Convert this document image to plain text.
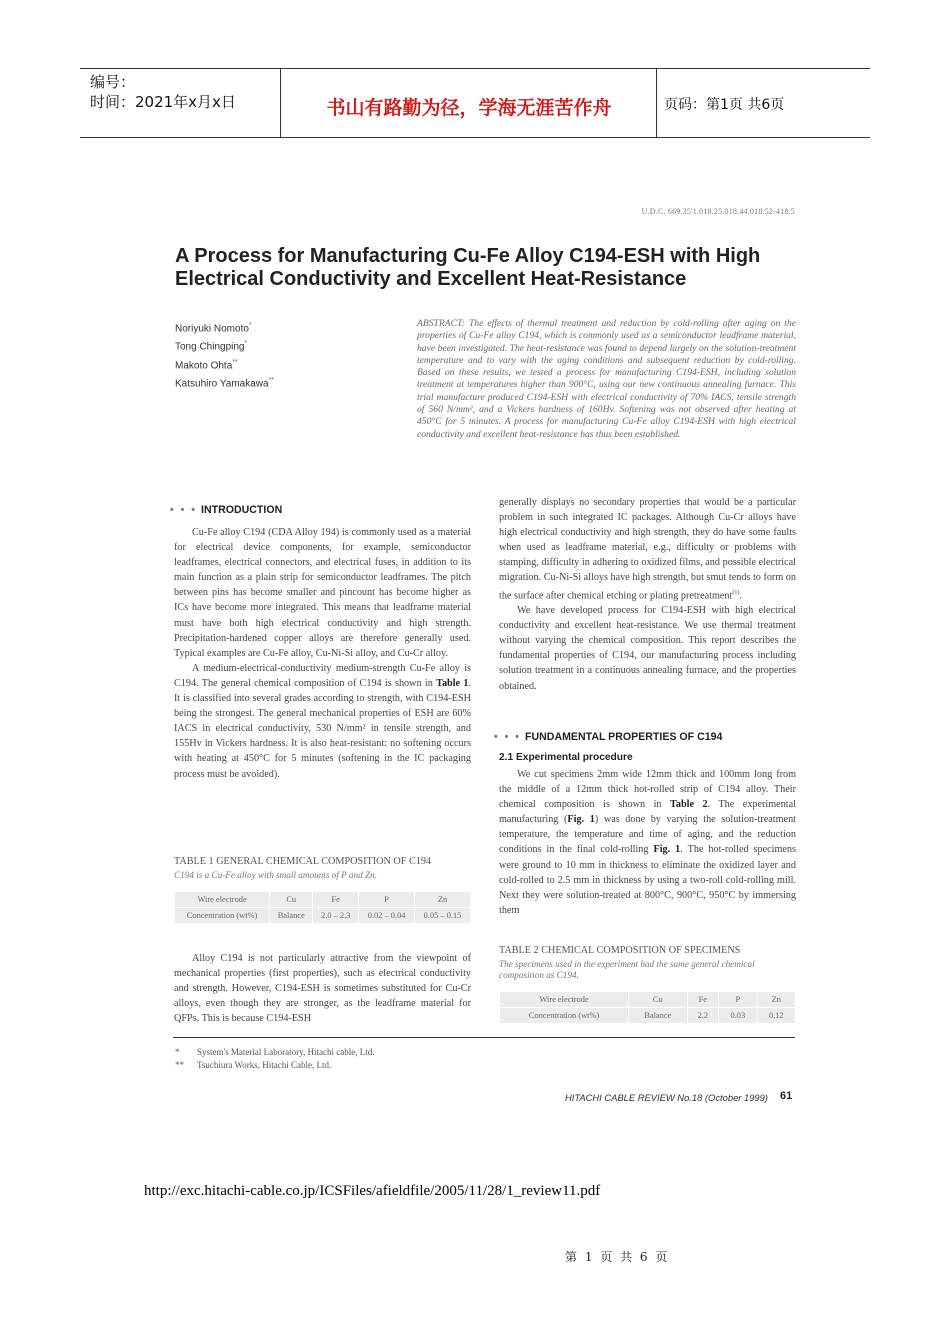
编号：
时间：2021年x月x日	书山有路勤为径，学海无涯苦作舟	页码：第1页 共6页
U.D.C. 669.35'1.018.25.018.44.018.52-418.5
A Process for Manufacturing Cu-Fe Alloy C194-ESH with High Electrical Conductivity and Excellent Heat-Resistance
Noriyuki Nomoto*
Tong Chingping*
Makoto Ohta**
Katsuhiro Yamakawa**
ABSTRACT: The effects of thermal treatment and reduction by cold-rolling after aging on the properties of Cu-Fe alloy C194, which is commonly used as a semiconductor leadframe material, have been investigated. The heat-resistance was found to depend largely on the solution-treatment temperature and to vary with the aging conditions and subsequent reduction by cold-rolling. Based on these results, we tested a process for manufacturing C194-ESH, including solution treatment at temperatures higher than 900°C, using our new continuous annealing furnace. This trial manufacture produced C194-ESH with electrical conductivity of 70% IACS, tensile strength of 560 N/mm², and a Vickers hardness of 160Hv. Softening was not observed after heating at 450°C for 5 minutes. A process for manufacturing Cu-Fe alloy C194-ESH with high electrical conductivity and excellent heat-resistance has thus been established.
• • • INTRODUCTION

Cu-Fe alloy C194 (CDA Alloy 194) is commonly used as a material for electrical device components, for example, semiconductor leadframes, electrical connectors, and electrical fuses, in addition to its main function as a plain strip for semiconductor leadframes. The pitch between pins has become smaller and pincount has become higher as ICs have become more integrated. This means that leadframe material must have both high electrical conductivity and high strength. Precipitation-hardened copper alloys are therefore generally used. Typical examples are Cu-Fe alloy, Cu-Ni-Si alloy, and Cu-Cr alloy.

A medium-electrical-conductivity medium-strength Cu-Fe alloy is C194. The general chemical composition of C194 is shown in Table 1. It is classified into several grades according to strength, with C194-ESH being the strongest. The general mechanical properties of ESH are 60% IACS in electrical conductivity, 530 N/mm² in tensile strength, and 155Hv in Vickers hardness. It is also heat-resistant: no softening occurs with heating at 450°C for 5 minutes (softening in the IC packaging process must be avoided).

TABLE 1 GENERAL CHEMICAL COMPOSITION OF C194
C194 is a Cu-Fe alloy with small amounts of P and Zn.
Wire electrode	Cu	Fe	P	Zn
Concentration (wt%)	Balance	2.0 – 2.3	0.02 – 0.04	0.05 – 0.15

Alloy C194 is not particularly attractive from the viewpoint of mechanical properties (first properties), such as electrical conductivity and strength. However, C194-ESH is sometimes substituted for Cu-Cr alloys, even though they are stronger, as the leadframe material for QFPs. This is because C194-ESH

generally displays no secondary properties that would be a particular problem in such integrated IC packages. Although Cu-Cr alloys have high electrical conductivity and high strength, they do have some faults when used as leadframe material, e.g., difficulty or problems with stamping, difficulty in adhering to oxidized films, and possible electrical migration. Cu-Ni-Si alloys have high strength, but smut tends to form on the surface after chemical etching or plating pretreatment$^{(1)}$.

We have developed process for C194-ESH with high electrical conductivity and excellent heat-resistance. We use thermal treatment without varying the chemical composition. This report describes the fundamental properties of C194, our manufacturing process including solution treatment in a continuous annealing furnace, and the properties obtained.

• • • FUNDAMENTAL PROPERTIES OF C194
2.1 Experimental procedure

We cut specimens 2mm wide 12mm thick and 100mm long from the middle of a 12mm thick hot-rolled strip of C194 alloy. Their chemical composition is shown in Table 2. The experimental manufacturing (Fig. 1) was done by varying the solution-treatment temperature, the temperature and time of aging, and the reduction conditions in the final cold-rolling Fig. 1. The hot-rolled specimens were ground to 10 mm in thickness to eliminate the oxidized layer and cold-rolled to 2.5 mm in thickness by using a two-roll cold-rolling mill. Next they were solution-treated at 800°C, 900°C, 950°C by immersing them

TABLE 2 CHEMICAL COMPOSITION OF SPECIMENS
The specimens used in the experiment had the same general chemical composition as C194.
Wire electrode	Cu	Fe	P	Zn
Concentration (wt%)	Balance	2.2	0.03	0.12
* System's Material Laboratory, Hitachi cable, Ltd.
** Tsuchiura Works, Hitachi Cable, Ltd.
HITACHI CABLE REVIEW No.18 (October 1999) 61
http://exc.hitachi-cable.co.jp/ICSFiles/afieldfile/2005/11/28/1_review11.pdf
第 1 页 共 6 页
